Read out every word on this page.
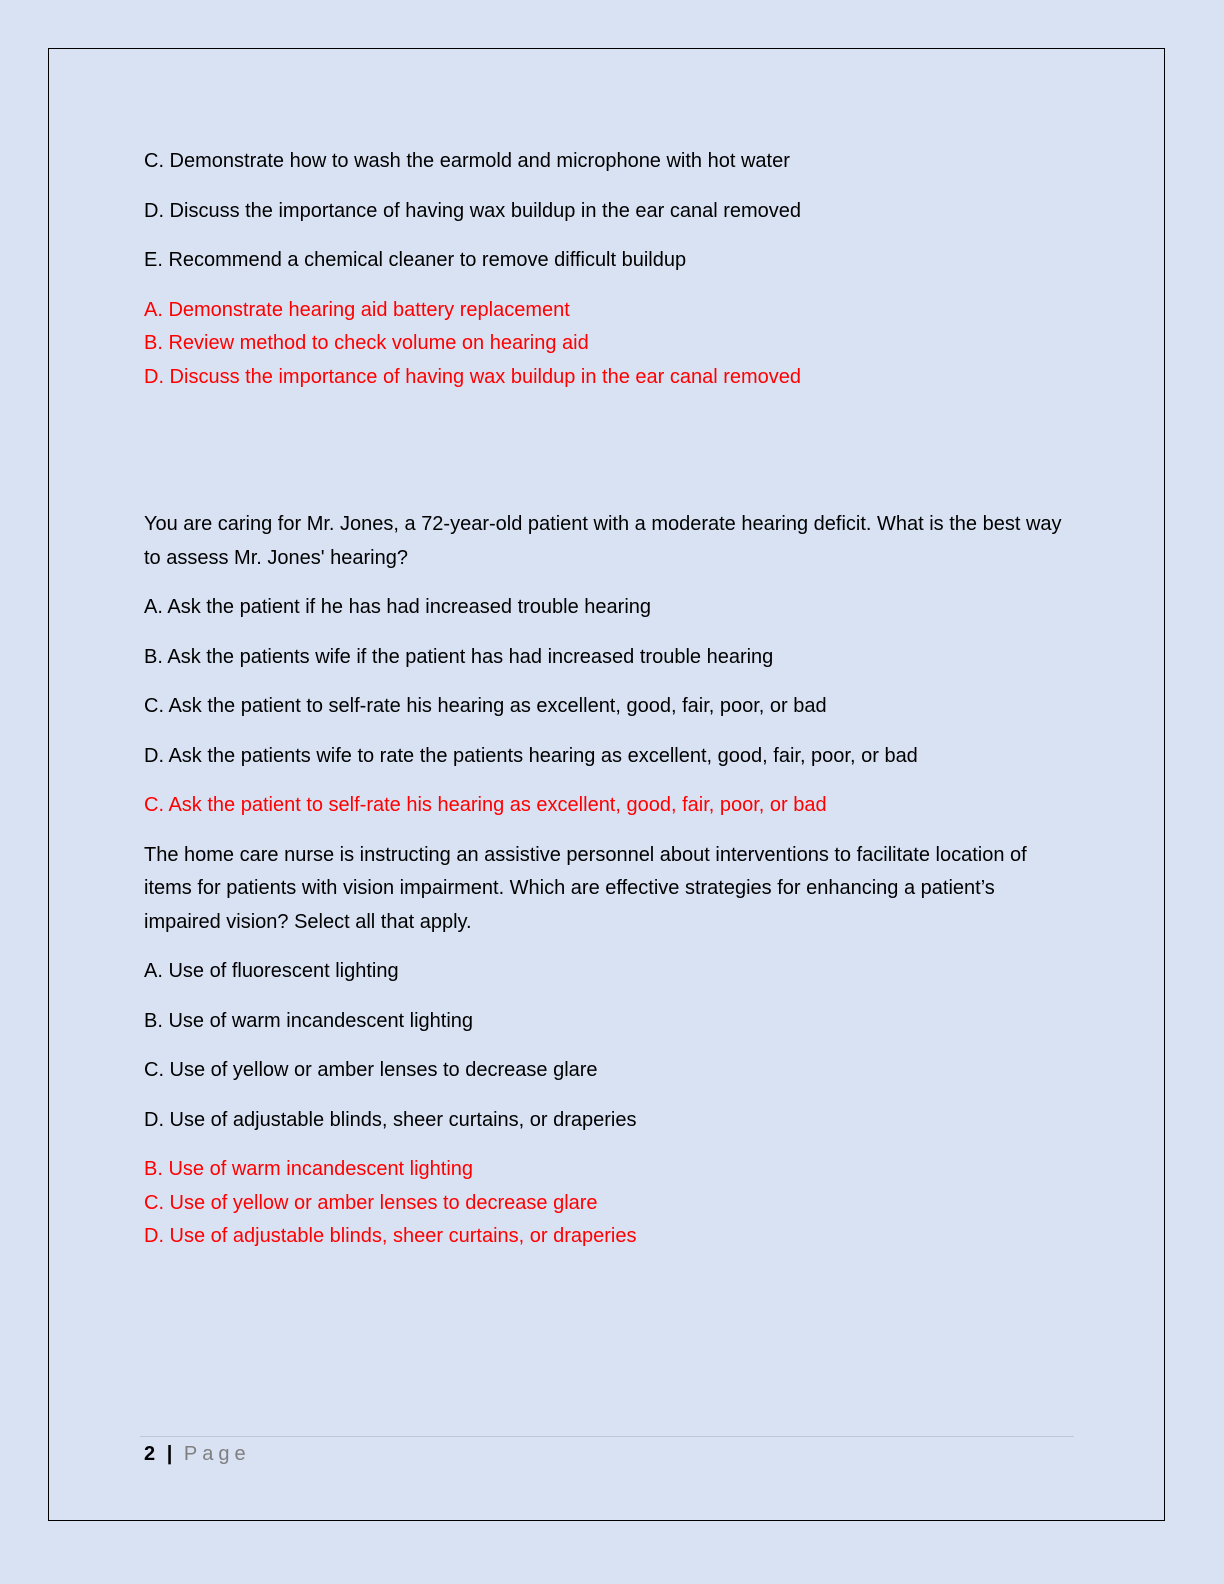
C. Demonstrate how to wash the earmold and microphone with hot water

D. Discuss the importance of having wax buildup in the ear canal removed

E. Recommend a chemical cleaner to remove difficult buildup

A. Demonstrate hearing aid battery replacement

B. Review method to check volume on hearing aid

D. Discuss the importance of having wax buildup in the ear canal removed

You are caring for Mr. Jones, a 72-year-old patient with a moderate hearing deficit. What is the best way to assess Mr. Jones' hearing?

A. Ask the patient if he has had increased trouble hearing

B. Ask the patients wife if the patient has had increased trouble hearing

C. Ask the patient to self-rate his hearing as excellent, good, fair, poor, or bad

D. Ask the patients wife to rate the patients hearing as excellent, good, fair, poor, or bad

C. Ask the patient to self-rate his hearing as excellent, good, fair, poor, or bad

The home care nurse is instructing an assistive personnel about interventions to facilitate location of items for patients with vision impairment. Which are effective strategies for enhancing a patient’s impaired vision? Select all that apply.

A. Use of fluorescent lighting

B. Use of warm incandescent lighting

C. Use of yellow or amber lenses to decrease glare

D. Use of adjustable blinds, sheer curtains, or draperies

B. Use of warm incandescent lighting

C. Use of yellow or amber lenses to decrease glare

D. Use of adjustable blinds, sheer curtains, or draperies

2 | Page
